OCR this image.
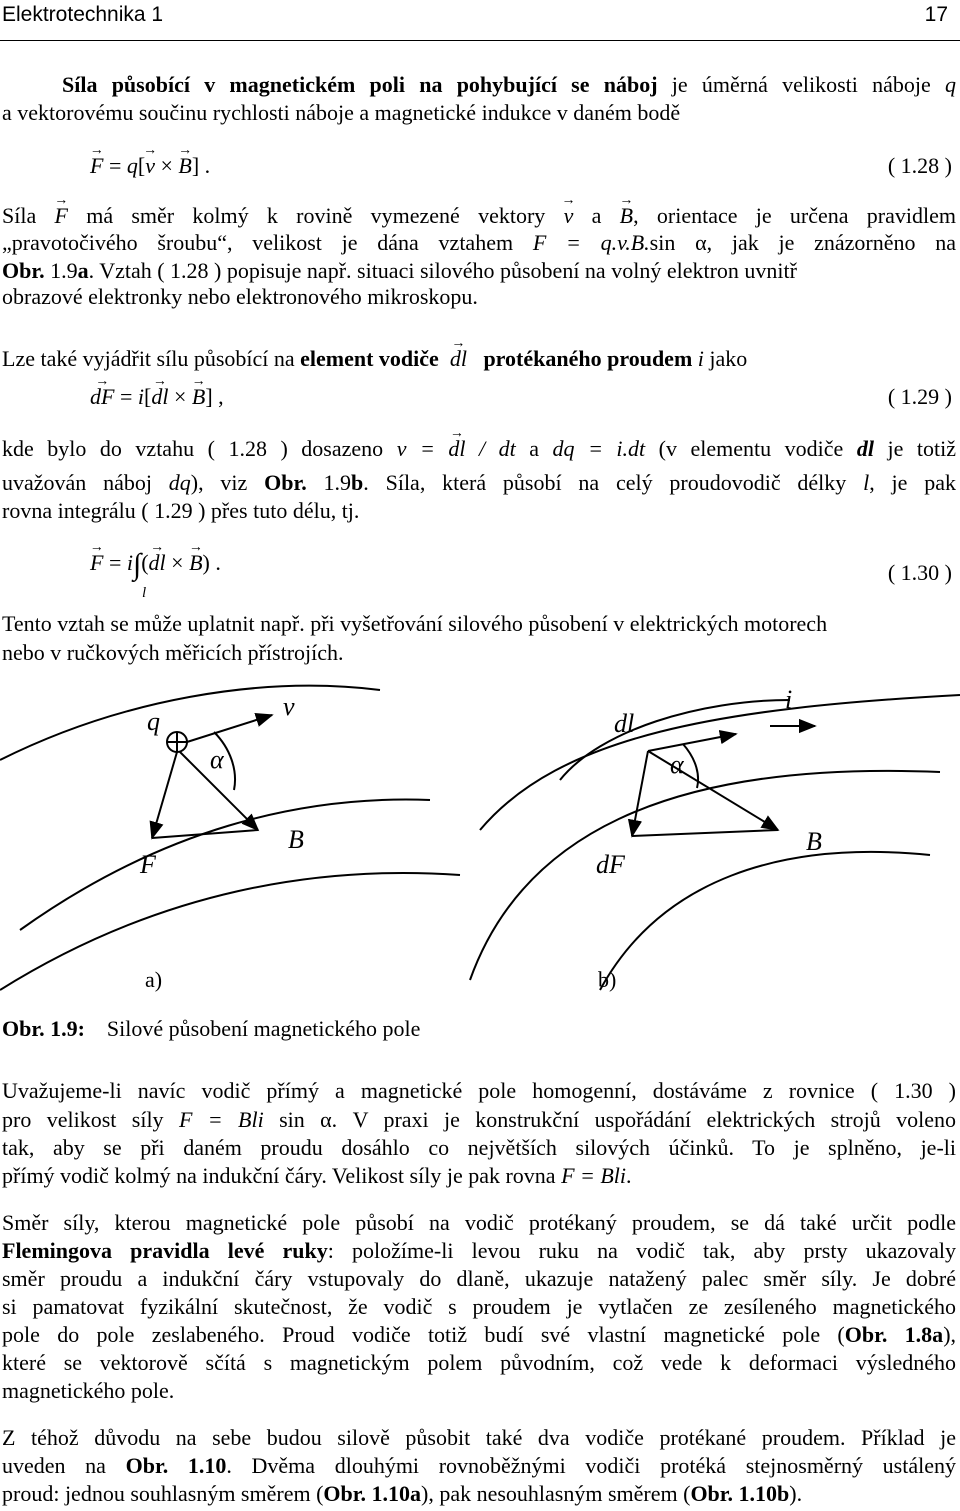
Elektrotechnika 1	17
Síla působící v magnetickém poli na pohybující se náboj je úměrná velikosti náboje q
a vektorovému součinu rychlosti náboje a magnetické indukce v daném bodě
→ F = q[→ v × → B] .	( 1.28 )
Síla → F má směr kolmý k rovině vymezené vektory → v a → B, orientace je určena pravidlem
„pravotočivého šroubu“, velikost je dána vztahem F = q.v.B.sin α, jak je znázorněno na
Obr. 1.9a. Vztah ( 1.28 ) popisuje např. situaci silového působení na volný elektron uvnitř
obrazové elektronky nebo elektronového mikroskopu.
Lze také vyjádřit sílu působící na element vodiče  → dl protékaného proudem i jako
→ dF = i[→ dl × → B] ,	( 1.29 )
kde bylo do vztahu ( 1.28 ) dosazeno v = → dl / dt a dq = i.dt (v elementu vodiče dl je totiž
uvažován náboj dq), viz Obr. 1.9b. Síla, která působí na celý proudovodič délky l, je pak
rovna integrálu ( 1.29 ) přes tuto délu, tj.
→ F = i∫(→ dl × → B) .
l
( 1.30 )
Tento vztah se může uplatnit např. při vyšetřování silového působení v elektrických motorech
nebo v ručkových měřicích přístrojích.
q
v
α
B
F
a)
dl
i
α
B
dF
b)
Obr. 1.9: Silové působení magnetického pole
Uvažujeme-li navíc vodič přímý a magnetické pole homogenní, dostáváme z rovnice ( 1.30 )
pro velikost síly F = Bli sin α. V praxi je konstrukční uspořádání elektrických strojů voleno
tak, aby se při daném proudu dosáhlo co největších silových účinků. To je splněno, je-li
přímý vodič kolmý na indukční čáry. Velikost síly je pak rovna F = Bli.
Směr síly, kterou magnetické pole působí na vodič protékaný proudem, se dá také určit podle
Flemingova pravidla levé ruky: položíme-li levou ruku na vodič tak, aby prsty ukazovaly
směr proudu a indukční čáry vstupovaly do dlaně, ukazuje natažený palec směr síly. Je dobré
si pamatovat fyzikální skutečnost, že vodič s proudem je vytlačen ze zesíleného magnetického
pole do pole zeslabeného. Proud vodiče totiž budí své vlastní magnetické pole (Obr. 1.8a),
které se vektorově sčítá s magnetickým polem původním, což vede k deformaci výsledného
magnetického pole.
Z téhož důvodu na sebe budou silově působit také dva vodiče protékané proudem. Příklad je
uveden na Obr. 1.10. Dvěma dlouhými rovnoběžnými vodiči protéká stejnosměrný ustálený
proud: jednou souhlasným směrem (Obr. 1.10a), pak nesouhlasným směrem (Obr. 1.10b).
